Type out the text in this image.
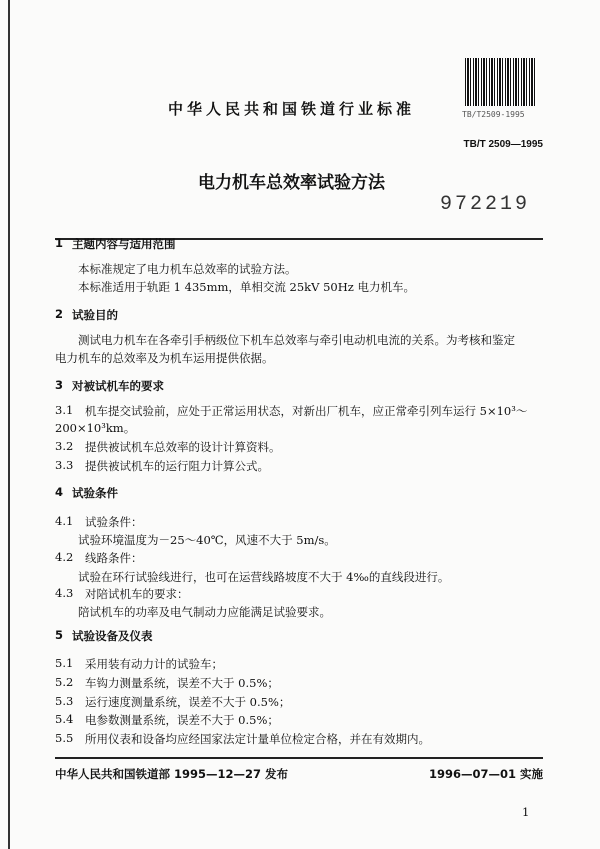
中华人民共和国铁道行业标准	TB/T2509-1995
TB/T 2509—1995
电力机车总效率试验方法
972219
1 主题内容与适用范围
本标准规定了电力机车总效率的试验方法。
本标准适用于轨距 1 435mm，单相交流 25kV 50Hz 电力机车。
2 试验目的
测试电力机车在各牵引手柄级位下机车总效率与牵引电动机电流的关系。为考核和鉴定
电力机车的总效率及为机车运用提供依据。
3 对被试机车的要求
3.1 机车提交试验前，应处于正常运用状态，对新出厂机车，应正常牵引列车运行 5×10³～
200×10³km。
3.2 提供被试机车总效率的设计计算资料。
3.3 提供被试机车的运行阻力计算公式。
4 试验条件
4.1 试验条件：
试验环境温度为－25～40℃，风速不大于 5m/s。
4.2 线路条件：
试验在环行试验线进行，也可在运营线路坡度不大于 4‰的直线段进行。
4.3 对陪试机车的要求：
陪试机车的功率及电气制动力应能满足试验要求。
5 试验设备及仪表
5.1 采用装有动力计的试验车；
5.2 车钩力测量系统，误差不大于 0.5%；
5.3 运行速度测量系统，误差不大于 0.5%；
5.4 电参数测量系统，误差不大于 0.5%；
5.5 所用仪表和设备均应经国家法定计量单位检定合格，并在有效期内。
中华人民共和国铁道部 1995—12—27 发布	1996—07—01 实施
1
